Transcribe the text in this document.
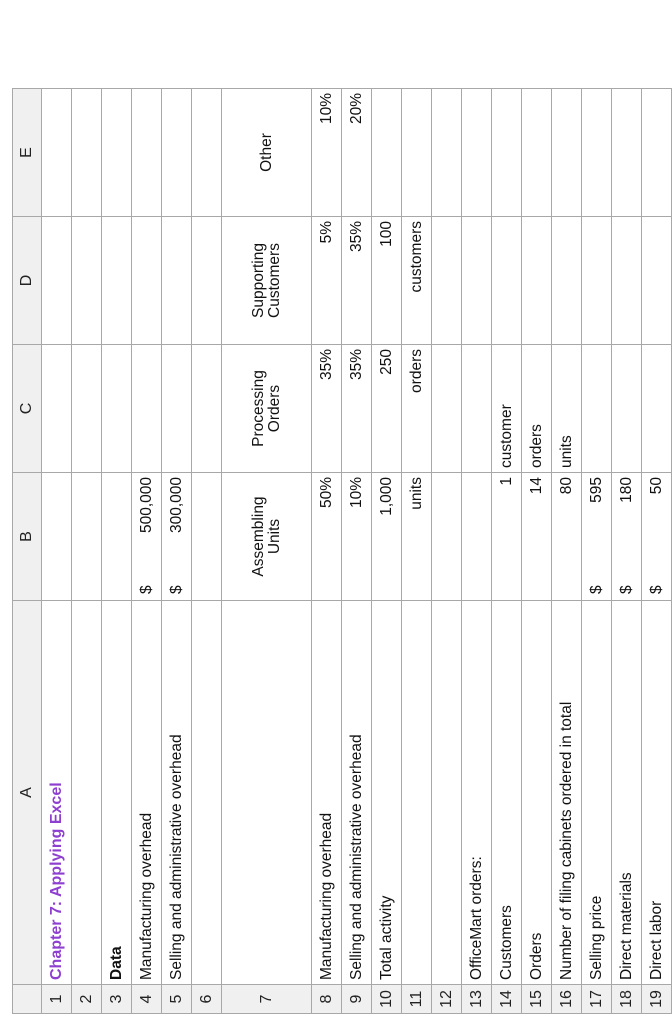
A
B
C
D
E
1
Chapter 7: Applying Excel
2 3
Data
4
Manufacturing overhead
$
500,000
5
Selling and administrative overhead
$
300,000
6	7
Assembling Units
Processing Orders
Supporting Customers
Other
8
Manufacturing overhead
50%
35%
5%
10%
9
Selling and administrative overhead
10%
35%
35%
20%
10
Total activity
1,000
250
100
11
units
orders
customers
12 13
OfficeMart orders:
14
Customers
1
customer
15
Orders
14
orders
16
Number of filing cabinets ordered in total
80
units
17
Selling price
$
595
18
Direct materials
$
180
19
Direct labor
$
50
